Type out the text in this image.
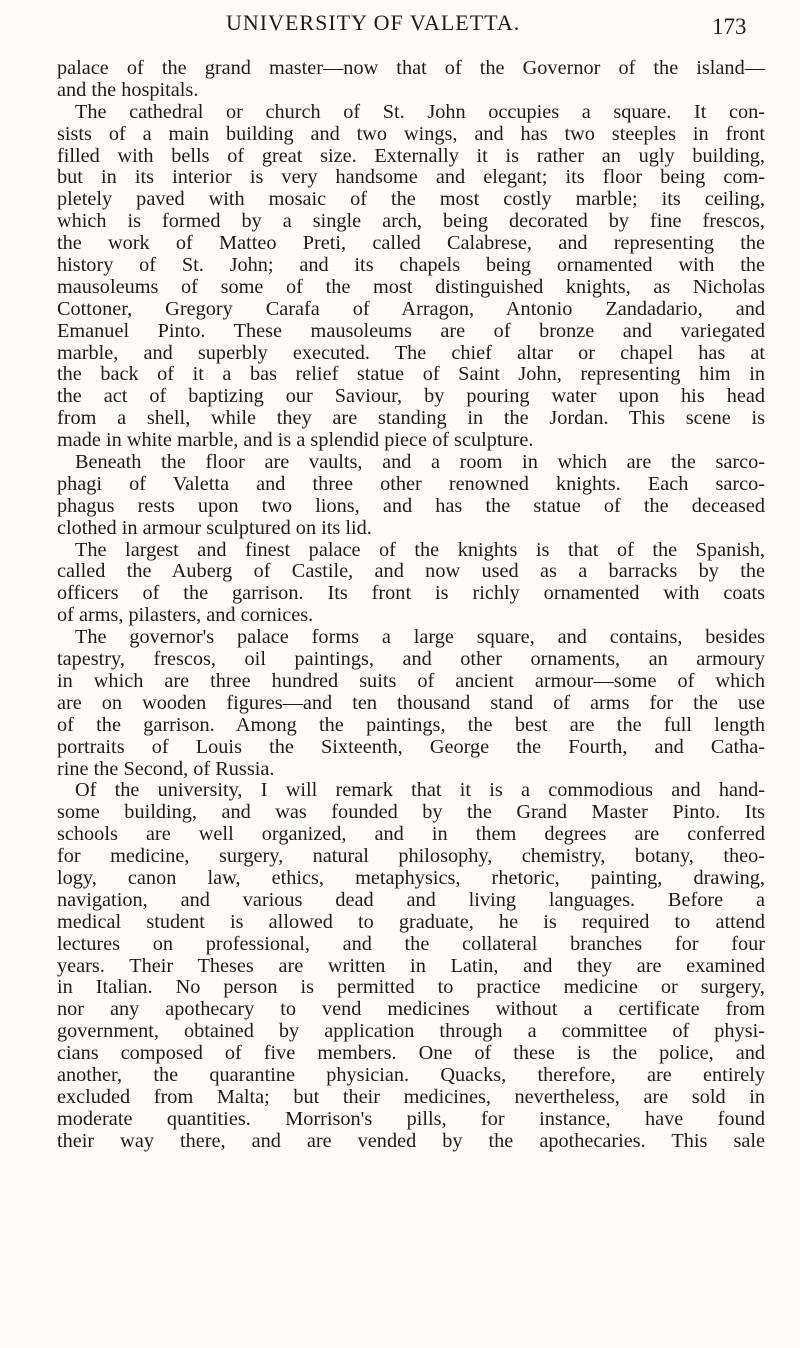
UNIVERSITY OF VALETTA.	173
palace of the grand master—now that of the Governor of the island—
and the hospitals.
The cathedral or church of St. John occupies a square. It con-
sists of a main building and two wings, and has two steeples in front
filled with bells of great size. Externally it is rather an ugly building,
but in its interior is very handsome and elegant; its floor being com-
pletely paved with mosaic of the most costly marble; its ceiling,
which is formed by a single arch, being decorated by fine frescos,
the work of Matteo Preti, called Calabrese, and representing the
history of St. John; and its chapels being ornamented with the
mausoleums of some of the most distinguished knights, as Nicholas
Cottoner, Gregory Carafa of Arragon, Antonio Zandadario, and
Emanuel Pinto. These mausoleums are of bronze and variegated
marble, and superbly executed. The chief altar or chapel has at
the back of it a bas relief statue of Saint John, representing him in
the act of baptizing our Saviour, by pouring water upon his head
from a shell, while they are standing in the Jordan. This scene is
made in white marble, and is a splendid piece of sculpture.
Beneath the floor are vaults, and a room in which are the sarco-
phagi of Valetta and three other renowned knights. Each sarco-
phagus rests upon two lions, and has the statue of the deceased
clothed in armour sculptured on its lid.
The largest and finest palace of the knights is that of the Spanish,
called the Auberg of Castile, and now used as a barracks by the
officers of the garrison. Its front is richly ornamented with coats
of arms, pilasters, and cornices.
The governor's palace forms a large square, and contains, besides
tapestry, frescos, oil paintings, and other ornaments, an armoury
in which are three hundred suits of ancient armour—some of which
are on wooden figures—and ten thousand stand of arms for the use
of the garrison. Among the paintings, the best are the full length
portraits of Louis the Sixteenth, George the Fourth, and Catha-
rine the Second, of Russia.
Of the university, I will remark that it is a commodious and hand-
some building, and was founded by the Grand Master Pinto. Its
schools are well organized, and in them degrees are conferred
for medicine, surgery, natural philosophy, chemistry, botany, theo-
logy, canon law, ethics, metaphysics, rhetoric, painting, drawing,
navigation, and various dead and living languages. Before a
medical student is allowed to graduate, he is required to attend
lectures on professional, and the collateral branches for four
years. Their Theses are written in Latin, and they are examined
in Italian. No person is permitted to practice medicine or surgery,
nor any apothecary to vend medicines without a certificate from
government, obtained by application through a committee of physi-
cians composed of five members. One of these is the police, and
another, the quarantine physician. Quacks, therefore, are entirely
excluded from Malta; but their medicines, nevertheless, are sold in
moderate quantities. Morrison's pills, for instance, have found
their way there, and are vended by the apothecaries. This sale
